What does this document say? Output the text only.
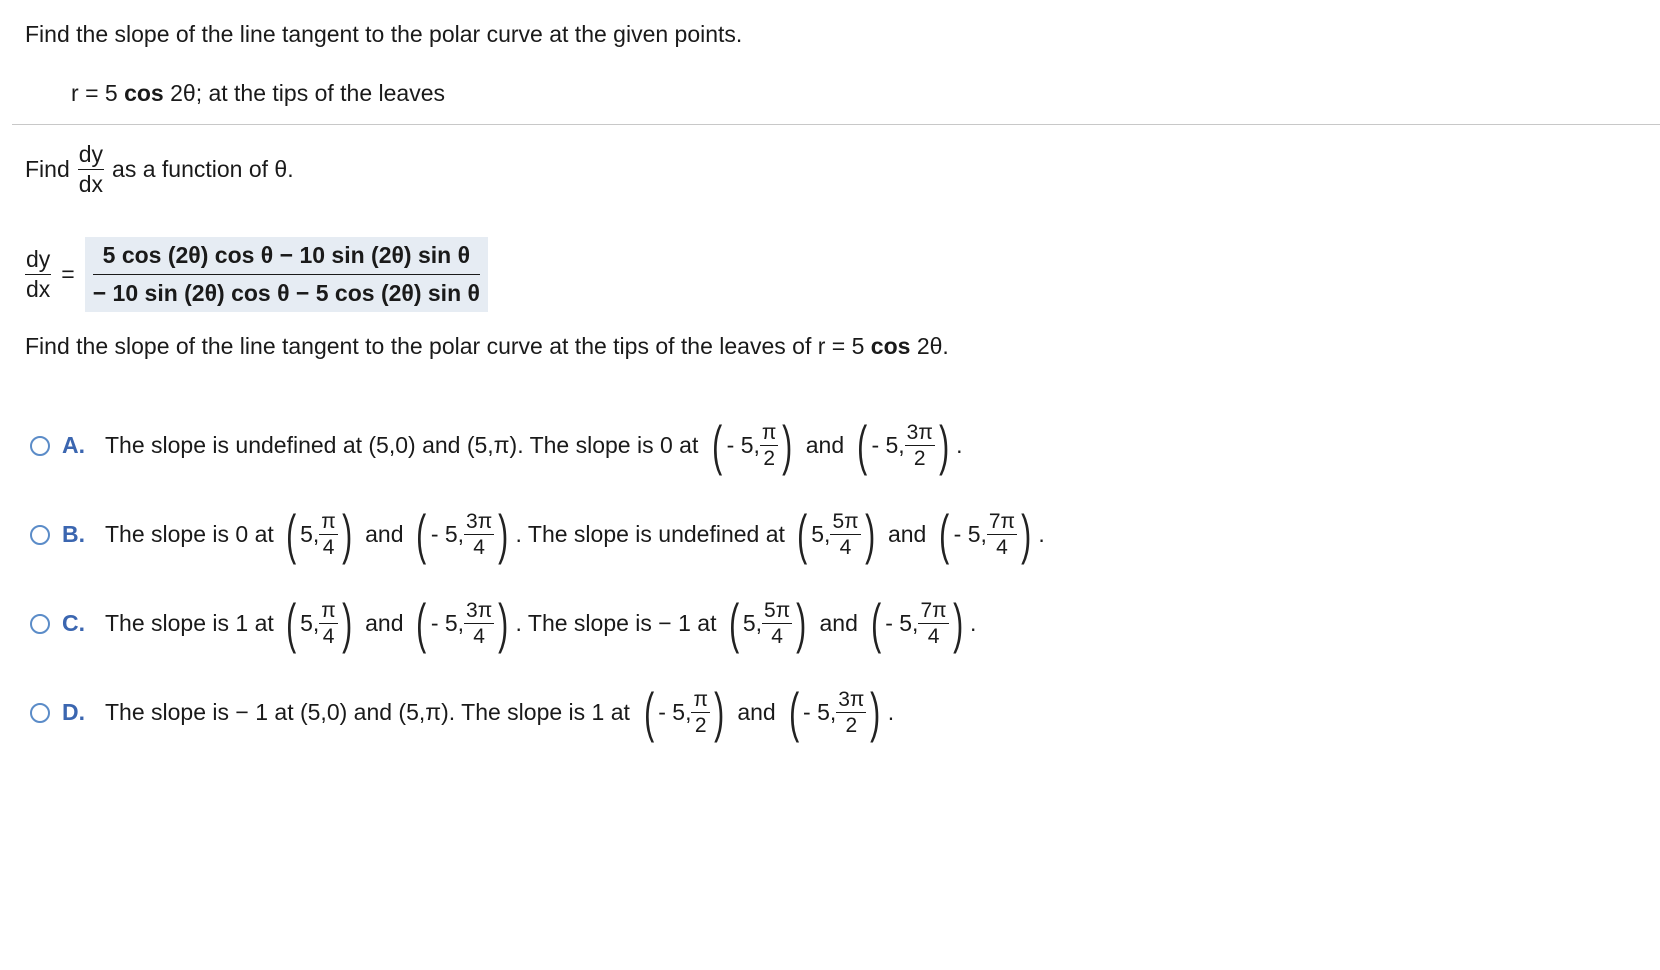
Find the slope of the line tangent to the polar curve at the given points.
r = 5 cos 2θ; at the tips of the leaves
Find $\frac{dy}{dx}$ as a function of θ.
$\frac{dy}{dx} = \frac{\text{5 cos (2θ) cos θ − 10 sin (2θ) sin θ}}{\text{− 10 sin (2θ) cos θ − 5 cos (2θ) sin θ}}$
Find the slope of the line tangent to the polar curve at the tips of the leaves of r = 5 cos 2θ.
A. The slope is undefined at (5,0) and (5,π). The slope is 0 at ( - 5, $\frac{\pi}{2}$ ) and ( - 5, $\frac{3\pi}{2}$ ) .
B. The slope is 0 at ( 5, $\frac{\pi}{4}$ ) and ( - 5, $\frac{3\pi}{4}$ ) . The slope is undefined at ( 5, $\frac{5\pi}{4}$ ) and ( - 5, $\frac{7\pi}{4}$ ) .
C. The slope is 1 at ( 5, $\frac{\pi}{4}$ ) and ( - 5, $\frac{3\pi}{4}$ ) . The slope is − 1 at ( 5, $\frac{5\pi}{4}$ ) and ( - 5, $\frac{7\pi}{4}$ ) .
D. The slope is − 1 at (5,0) and (5,π). The slope is 1 at ( - 5, $\frac{\pi}{2}$ ) and ( - 5, $\frac{3\pi}{2}$ ) .
